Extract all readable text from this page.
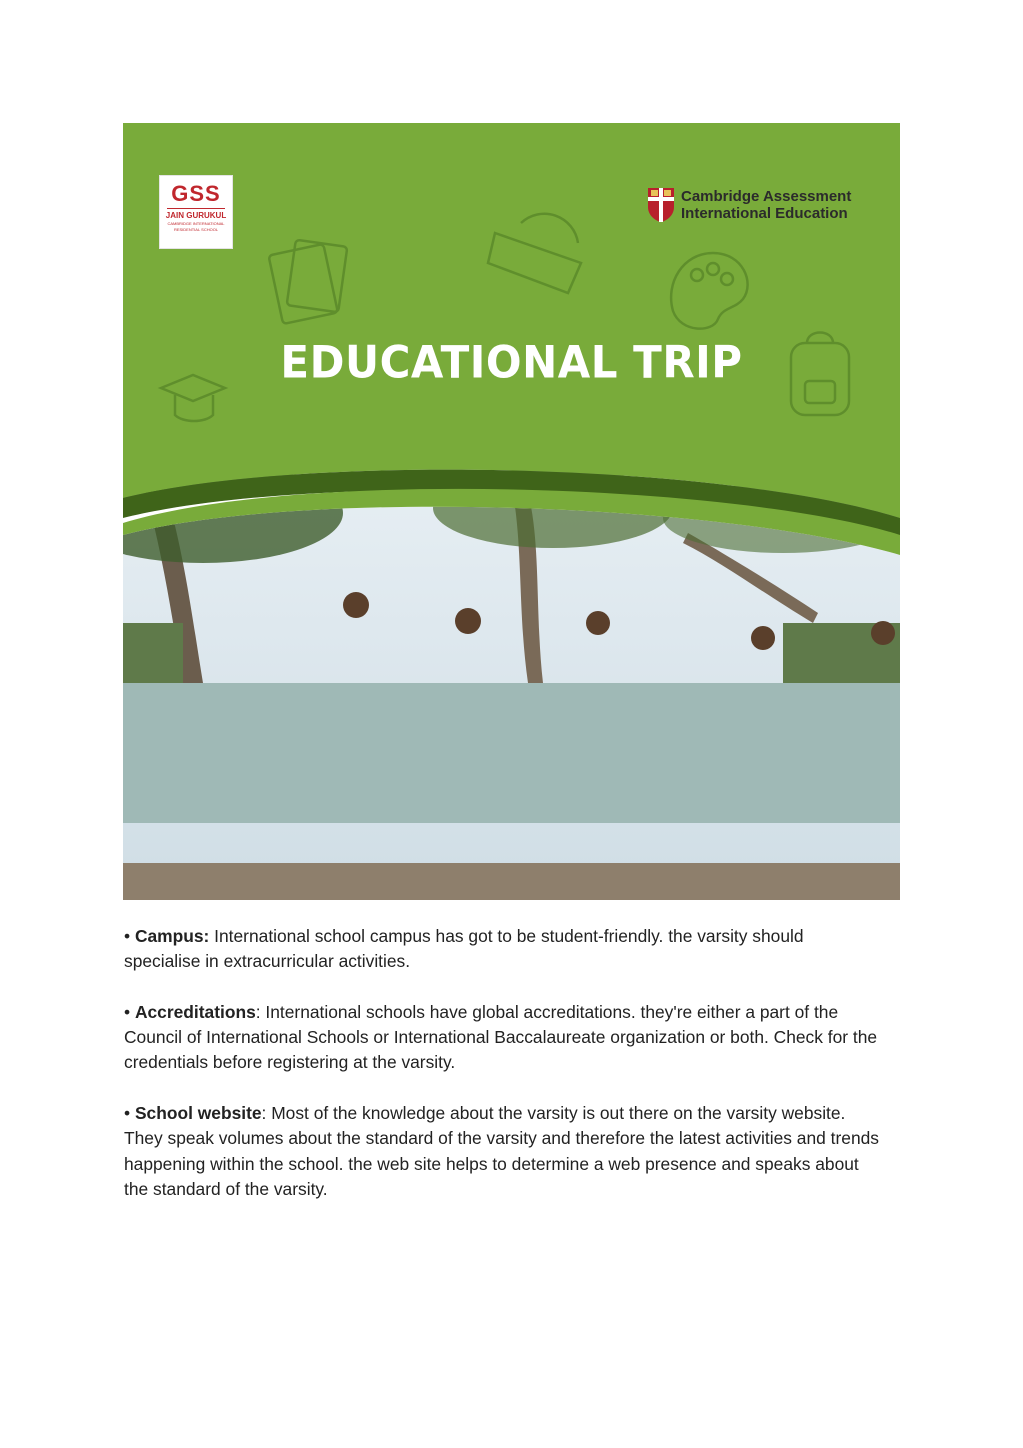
GSS
JAIN GURUKUL
CAMBRIDGE INTERNATIONAL
RESIDENTIAL SCHOOL
Cambridge Assessment
International Education
EDUCATIONAL TRIP

• Campus: International school campus has got to be student-friendly. the varsity should specialise in extracurricular activities.

• Accreditations: International schools have global accreditations. they're either a part of the Council of International Schools or International Baccalaureate organization or both. Check for the credentials before registering at the varsity.

• School website: Most of the knowledge about the varsity is out there on the varsity website. They speak volumes about the standard of the varsity and therefore the latest activities and trends happening within the school. the web site helps to determine a web presence and speaks about the standard of the varsity.
